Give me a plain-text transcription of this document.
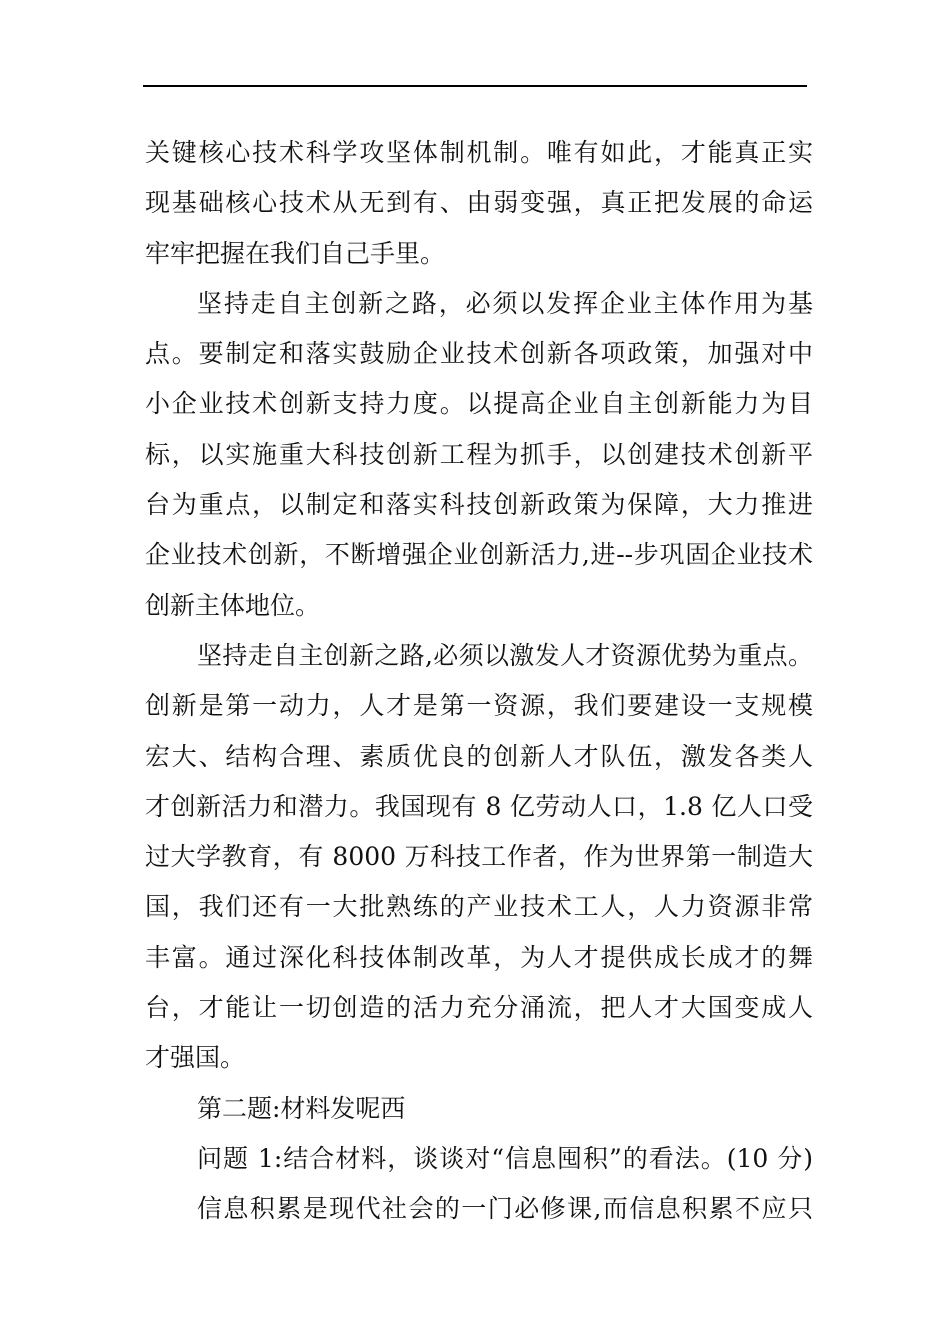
关键核心技术科学攻坚体制机制。唯有如此，才能真正实
现基础核心技术从无到有、由弱变强，真正把发展的命运
牢牢把握在我们自己手里。
坚持走自主创新之路，必须以发挥企业主体作用为基
点。要制定和落实鼓励企业技术创新各项政策，加强对中
小企业技术创新支持力度。以提高企业自主创新能力为目
标，以实施重大科技创新工程为抓手，以创建技术创新平
台为重点，以制定和落实科技创新政策为保障，大力推进
企业技术创新，不断增强企业创新活力,进--步巩固企业技术
创新主体地位。
坚持走自主创新之路,必须以激发人才资源优势为重点。
创新是第一动力，人才是第一资源，我们要建设一支规模
宏大、结构合理、素质优良的创新人才队伍，激发各类人
才创新活力和潜力。我国现有 8 亿劳动人口，1.8 亿人口受
过大学教育，有 8000 万科技工作者，作为世界第一制造大
国，我们还有一大批熟练的产业技术工人，人力资源非常
丰富。通过深化科技体制改革，为人才提供成长成才的舞
台，才能让一切创造的活力充分涌流，把人才大国变成人
才强国。
第二题:材料发呢西
问题 1:结合材料，谈谈对“信息囤积”的看法。(10 分)
信息积累是现代社会的一门必修课,而信息积累不应只
